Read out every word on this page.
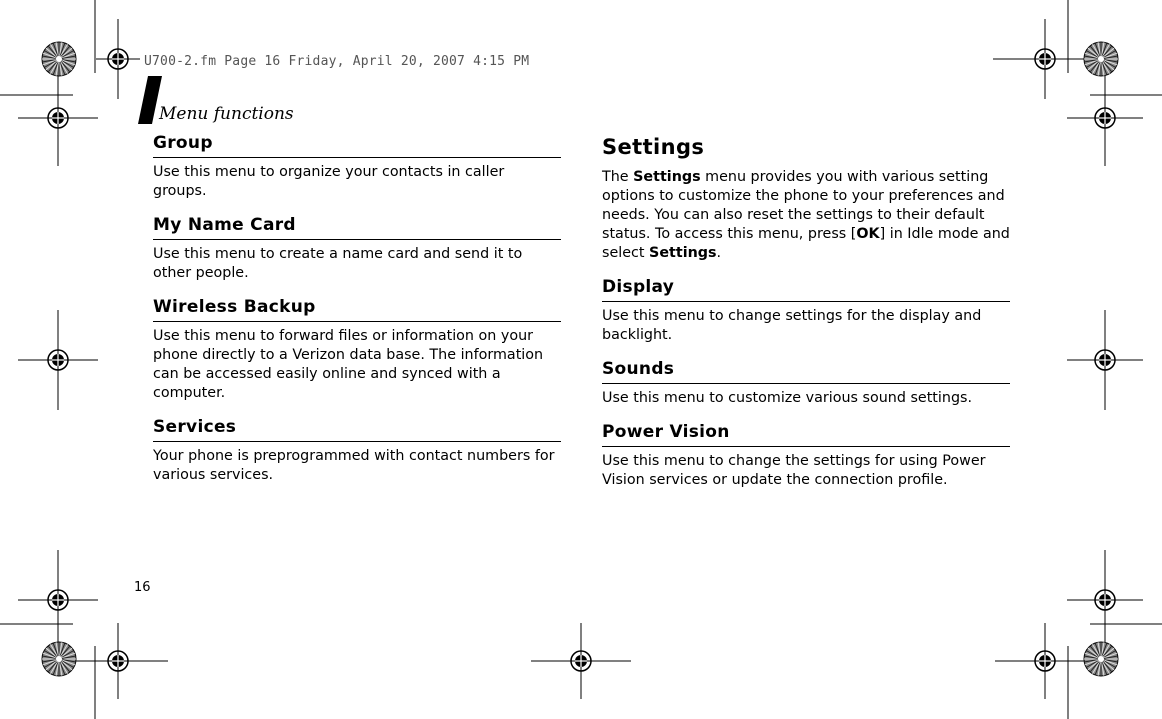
U700-2.fm Page 16 Friday, April 20, 2007 4:15 PM
Menu functions
Group

Use this menu to organize your contacts in caller groups.

My Name Card

Use this menu to create a name card and send it to other people.

Wireless Backup

Use this menu to forward files or information on your phone directly to a Verizon data base. The information can be accessed easily online and synced with a computer.

Services

Your phone is preprogrammed with contact numbers for various services.

Settings

The Settings menu provides you with various setting options to customize the phone to your preferences and needs. You can also reset the settings to their default status. To access this menu, press [OK] in Idle mode and select Settings.

Display

Use this menu to change settings for the display and backlight.

Sounds

Use this menu to customize various sound settings.

Power Vision

Use this menu to change the settings for using Power Vision services or update the connection profile.

16
